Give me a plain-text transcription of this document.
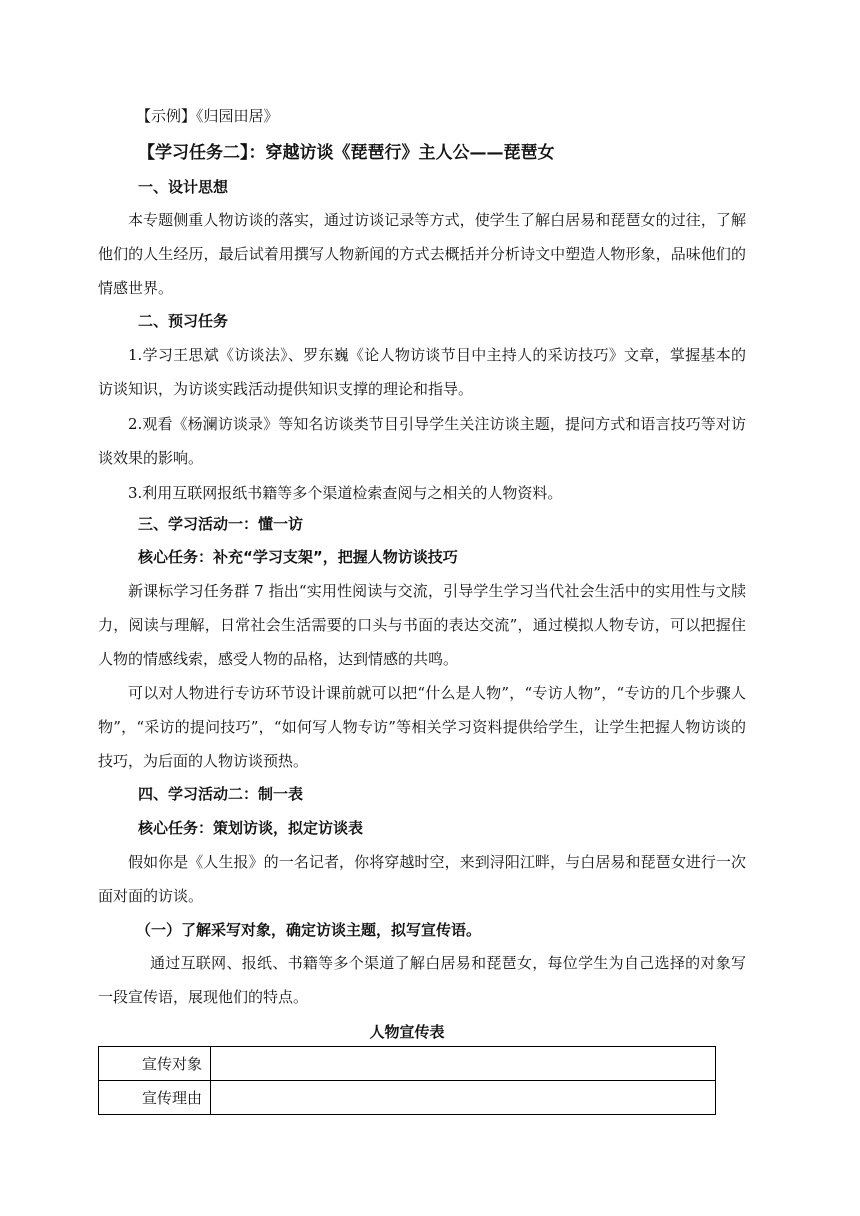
【示例】《归园田居》
【学习任务二】：穿越访谈《琵琶行》主人公——琵琶女
一、设计思想
本专题侧重人物访谈的落实，通过访谈记录等方式，使学生了解白居易和琵琶女的过往，了解他们的人生经历，最后试着用撰写人物新闻的方式去概括并分析诗文中塑造人物形象，品味他们的情感世界。
二、预习任务
1.学习王思斌《访谈法》、罗东巍《论人物访谈节目中主持人的采访技巧》文章，掌握基本的访谈知识，为访谈实践活动提供知识支撑的理论和指导。
2.观看《杨澜访谈录》等知名访谈类节目引导学生关注访谈主题，提问方式和语言技巧等对访谈效果的影响。
3.利用互联网报纸书籍等多个渠道检索查阅与之相关的人物资料。
三、学习活动一：懂一访
核心任务：补充“学习支架”，把握人物访谈技巧
新课标学习任务群 7 指出“实用性阅读与交流，引导学生学习当代社会生活中的实用性与文牍力，阅读与理解，日常社会生活需要的口头与书面的表达交流”，通过模拟人物专访，可以把握住人物的情感线索，感受人物的品格，达到情感的共鸣。
可以对人物进行专访环节设计课前就可以把“什么是人物”，“专访人物”，“专访的几个步骤人物”，“采访的提问技巧”，“如何写人物专访”等相关学习资料提供给学生，让学生把握人物访谈的技巧，为后面的人物访谈预热。
四、学习活动二：制一表
核心任务：策划访谈，拟定访谈表
假如你是《人生报》的一名记者，你将穿越时空，来到浔阳江畔，与白居易和琵琶女进行一次面对面的访谈。
（一）了解采写对象，确定访谈主题，拟写宣传语。
通过互联网、报纸、书籍等多个渠道了解白居易和琵琶女，每位学生为自己选择的对象写一段宣传语，展现他们的特点。
人物宣传表
宣传对象	
宣传理由	
